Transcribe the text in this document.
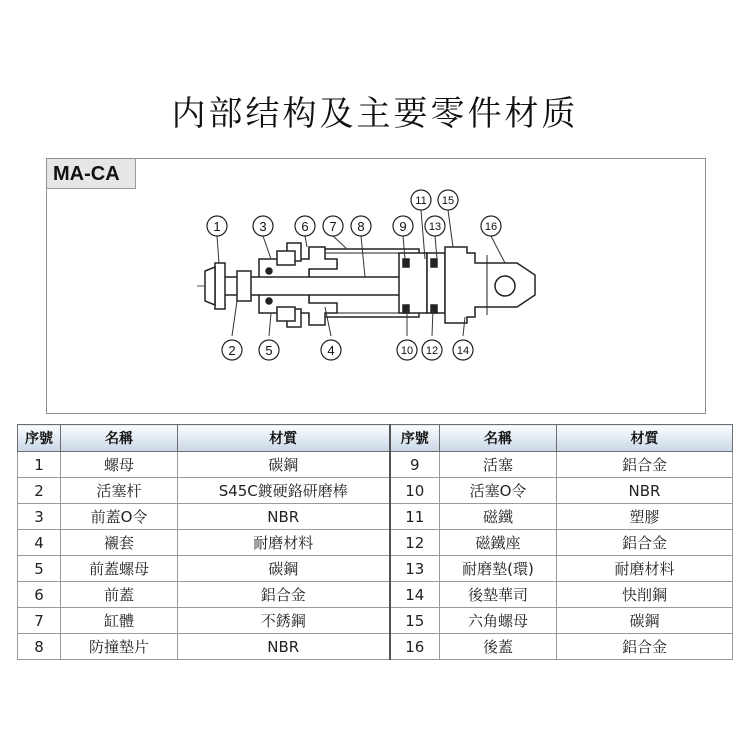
内部结构及主要零件材质
1
2
3
5
6
4
7 8	9
10
11
12
13
14
15
16
MA-CA
序號	名稱	材質	序號	名稱	材質
1	螺母	碳鋼	9	活塞	鋁合金
2	活塞杆	S45C鍍硬鉻研磨棒	10	活塞O令	NBR
3	前蓋O令	NBR	11	磁鐵	塑膠
4	襯套	耐磨材料	12	磁鐵座	鋁合金
5	前蓋螺母	碳鋼	13	耐磨墊(環)	耐磨材料
6	前蓋	鋁合金	14	後墊華司	快削鋼
7	缸體	不銹鋼	15	六角螺母	碳鋼
8	防撞墊片	NBR	16	後蓋	鋁合金
